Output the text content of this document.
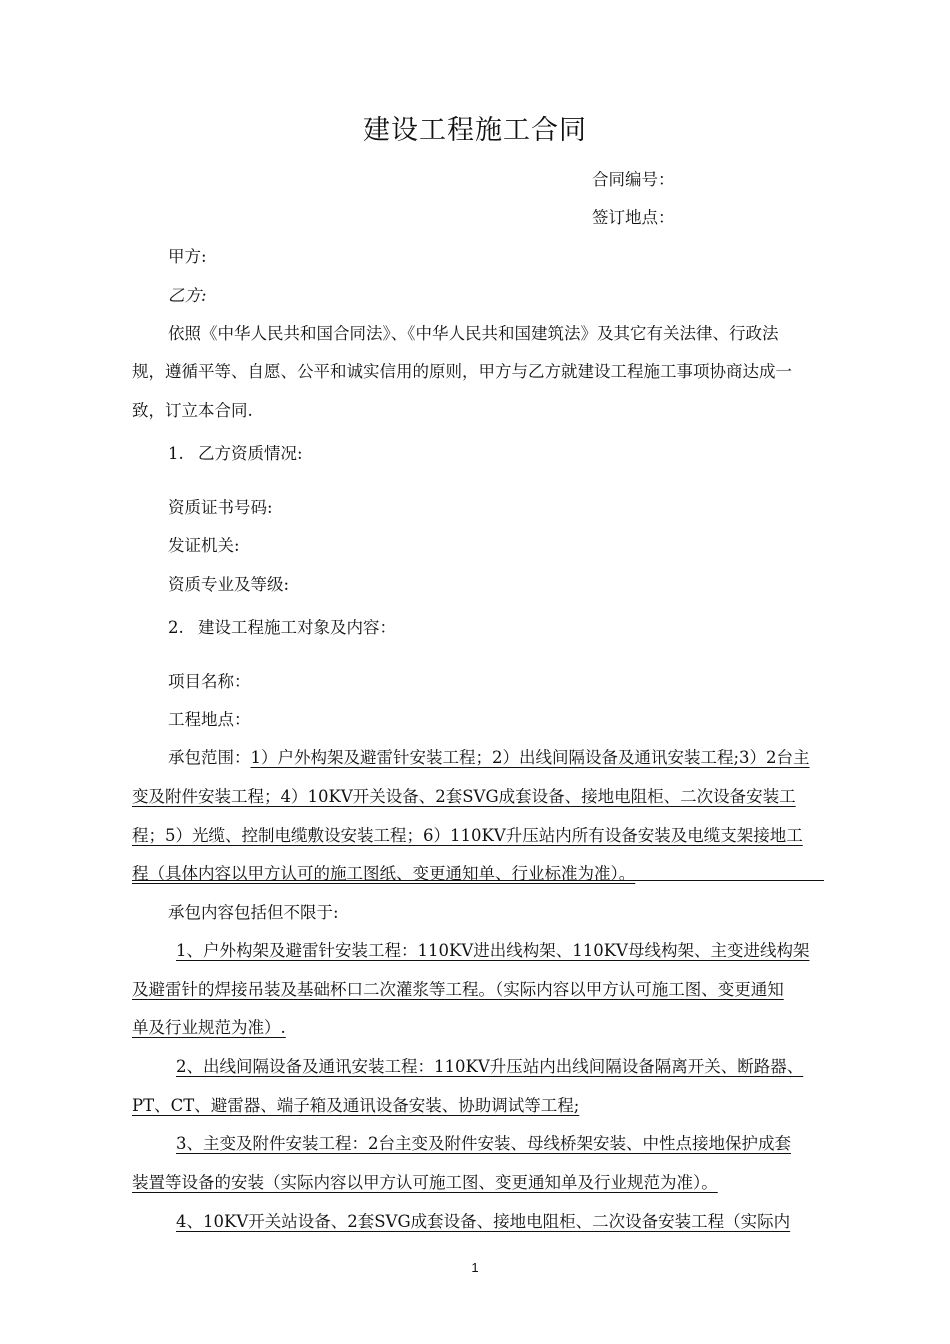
建设工程施工合同
合同编号：
签订地点：
甲方:
乙方:
依照《中华人民共和国合同法》、《中华人民共和国建筑法》及其它有关法律、行政法
规，遵循平等、自愿、公平和诚实信用的原则，甲方与乙方就建设工程施工事项协商达成一
致，订立本合同.
1. 乙方资质情况:
资质证书号码:
发证机关:
资质专业及等级:
2. 建设工程施工对象及内容：
项目名称：
工程地点：
承包范围：1）户外构架及避雷针安装工程；2）出线间隔设备及通讯安装工程;3）2台主
变及附件安装工程；4）10KV开关设备、2套SVG成套设备、接地电阻柜、二次设备安装工
程；5）光缆、控制电缆敷设安装工程；6）110KV升压站内所有设备安装及电缆支架接地工
程（具体内容以甲方认可的施工图纸、变更通知单、行业标准为准）。
承包内容包括但不限于:
1、户外构架及避雷针安装工程：110KV进出线构架、110KV母线构架、主变进线构架
及避雷针的焊接吊装及基础杯口二次灌浆等工程。（实际内容以甲方认可施工图、变更通知
单及行业规范为准）.
2、出线间隔设备及通讯安装工程：110KV升压站内出线间隔设备隔离开关、断路器、
PT、CT、避雷器、端子箱及通讯设备安装、协助调试等工程;
3、主变及附件安装工程：2台主变及附件安装、母线桥架安装、中性点接地保护成套
装置等设备的安装（实际内容以甲方认可施工图、变更通知单及行业规范为准）。
4、10KV开关站设备、2套SVG成套设备、接地电阻柜、二次设备安装工程（实际内
1
